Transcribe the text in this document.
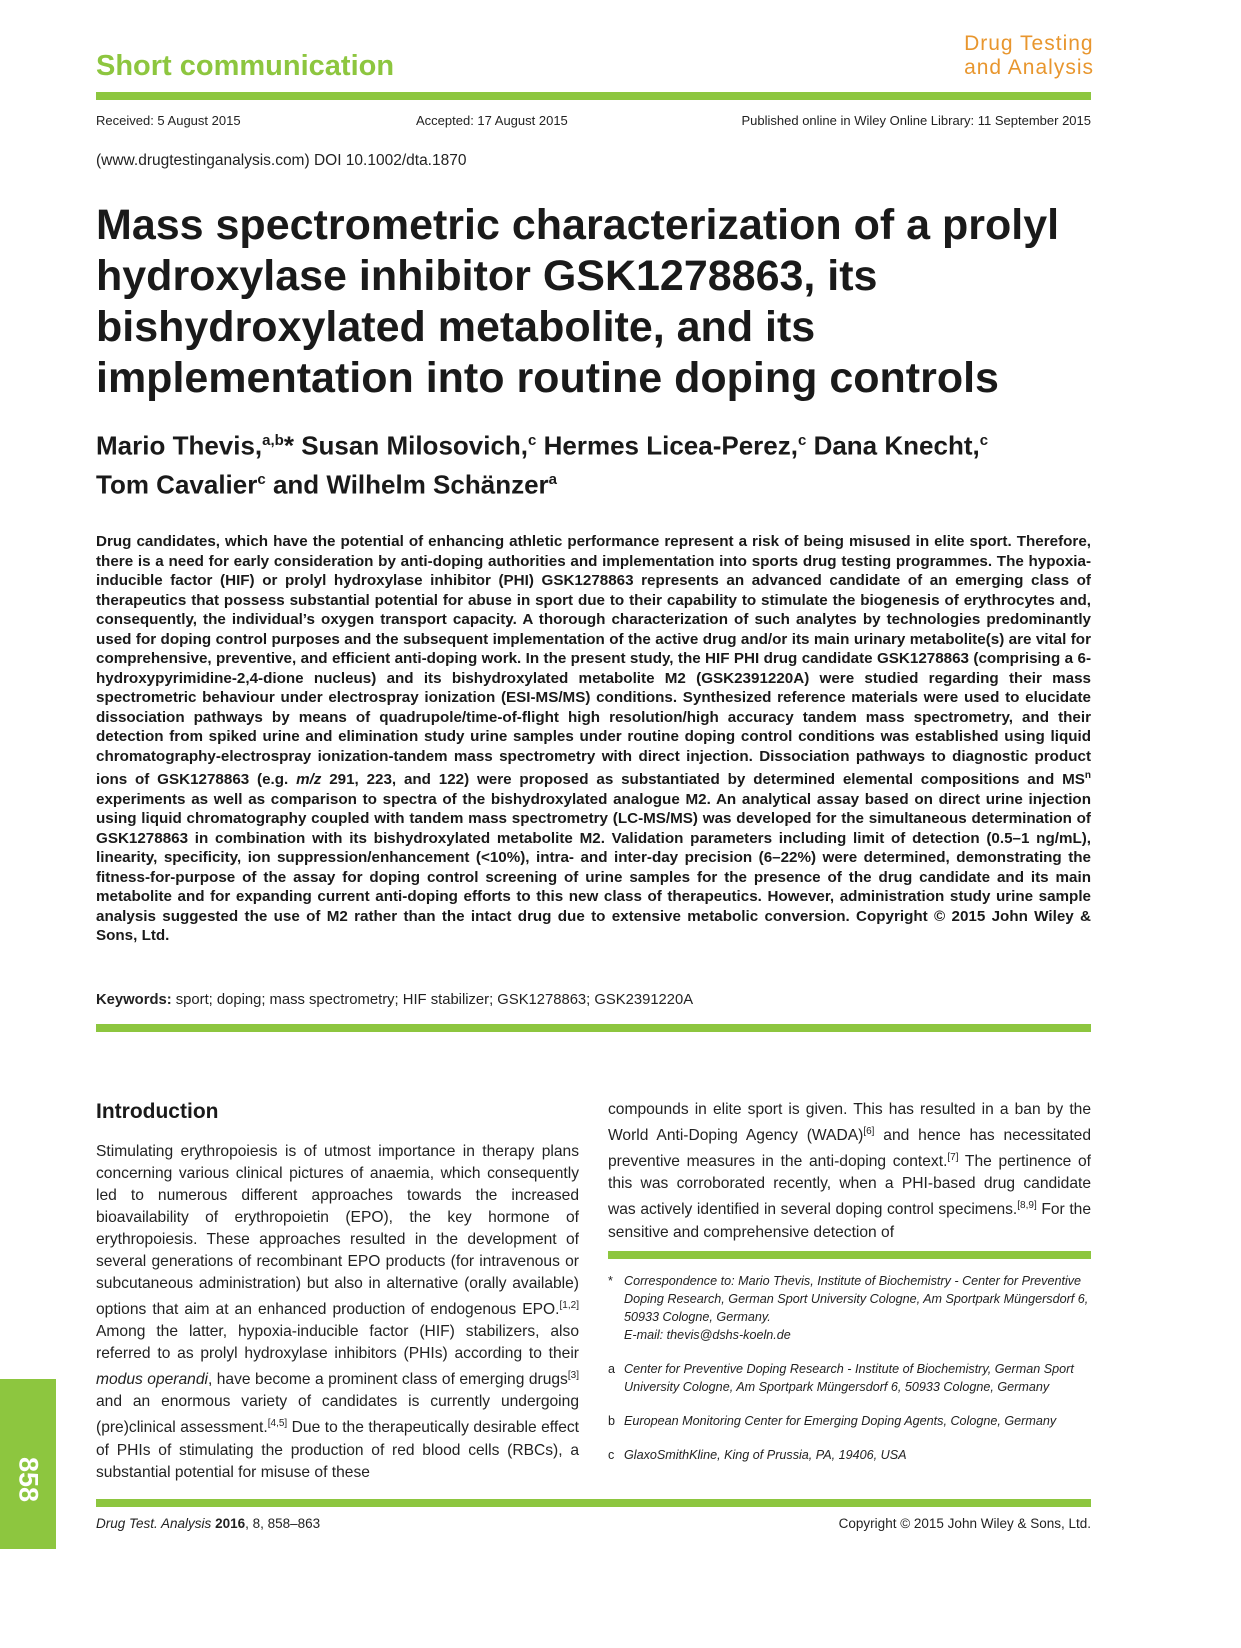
Short communication
Drug Testing
and Analysis
Received: 5 August 2015	Accepted: 17 August 2015	Published online in Wiley Online Library: 11 September 2015
(www.drugtestinganalysis.com) DOI 10.1002/dta.1870
Mass spectrometric characterization of a prolyl hydroxylase inhibitor GSK1278863, its bishydroxylated metabolite, and its implementation into routine doping controls
Mario Thevis,$^{a,b}$* Susan Milosovich,$^c$ Hermes Licea-Perez,$^c$ Dana Knecht,$^c$
Tom Cavalier$^c$ and Wilhelm Schänzer$^a$
Drug candidates, which have the potential of enhancing athletic performance represent a risk of being misused in elite sport. Therefore, there is a need for early consideration by anti-doping authorities and implementation into sports drug testing programmes. The hypoxia-inducible factor (HIF) or prolyl hydroxylase inhibitor (PHI) GSK1278863 represents an advanced candidate of an emerging class of therapeutics that possess substantial potential for abuse in sport due to their capability to stimulate the biogenesis of erythrocytes and, consequently, the individual’s oxygen transport capacity. A thorough characterization of such analytes by technologies predominantly used for doping control purposes and the subsequent implementation of the active drug and/or its main urinary metabolite(s) are vital for comprehensive, preventive, and efficient anti-doping work. In the present study, the HIF PHI drug candidate GSK1278863 (comprising a 6-hydroxypyrimidine-2,4-dione nucleus) and its bishydroxylated metabolite M2 (GSK2391220A) were studied regarding their mass spectrometric behaviour under electrospray ionization (ESI-MS/MS) conditions. Synthesized reference materials were used to elucidate dissociation pathways by means of quadrupole/time-of-flight high resolution/high accuracy tandem mass spectrometry, and their detection from spiked urine and elimination study urine samples under routine doping control conditions was established using liquid chromatography-electrospray ionization-tandem mass spectrometry with direct injection. Dissociation pathways to diagnostic product ions of GSK1278863 (e.g. m/z 291, 223, and 122) were proposed as substantiated by determined elemental compositions and $MS^n$ experiments as well as comparison to spectra of the bishydroxylated analogue M2. An analytical assay based on direct urine injection using liquid chromatography coupled with tandem mass spectrometry (LC-MS/MS) was developed for the simultaneous determination of GSK1278863 in combination with its bishydroxylated metabolite M2. Validation parameters including limit of detection (0.5–1 ng/mL), linearity, specificity, ion suppression/enhancement (<10%), intra- and inter-day precision (6–22%) were determined, demonstrating the fitness-for-purpose of the assay for doping control screening of urine samples for the presence of the drug candidate and its main metabolite and for expanding current anti-doping efforts to this new class of therapeutics. However, administration study urine sample analysis suggested the use of M2 rather than the intact drug due to extensive metabolic conversion. Copyright © 2015 John Wiley & Sons, Ltd.
Keywords: sport; doping; mass spectrometry; HIF stabilizer; GSK1278863; GSK2391220A
Introduction
Stimulating erythropoiesis is of utmost importance in therapy plans concerning various clinical pictures of anaemia, which consequently led to numerous different approaches towards the increased bioavailability of erythropoietin (EPO), the key hormone of erythropoiesis. These approaches resulted in the development of several generations of recombinant EPO products (for intravenous or subcutaneous administration) but also in alternative (orally available) options that aim at an enhanced production of endogenous EPO.[1,2] Among the latter, hypoxia-inducible factor (HIF) stabilizers, also referred to as prolyl hydroxylase inhibitors (PHIs) according to their modus operandi, have become a prominent class of emerging drugs[3] and an enormous variety of candidates is currently undergoing (pre)clinical assessment.[4,5] Due to the therapeutically desirable effect of PHIs of stimulating the production of red blood cells (RBCs), a substantial potential for misuse of these
compounds in elite sport is given. This has resulted in a ban by the World Anti-Doping Agency (WADA)[6] and hence has necessitated preventive measures in the anti-doping context.[7] The pertinence of this was corroborated recently, when a PHI-based drug candidate was actively identified in several doping control specimens.[8,9] For the sensitive and comprehensive detection of
* Correspondence to: Mario Thevis, Institute of Biochemistry - Center for Preventive Doping Research, German Sport University Cologne, Am Sportpark Müngersdorf 6, 50933 Cologne, Germany.
E-mail: thevis@dshs-koeln.de
a Center for Preventive Doping Research - Institute of Biochemistry, German Sport University Cologne, Am Sportpark Müngersdorf 6, 50933 Cologne, Germany
b European Monitoring Center for Emerging Doping Agents, Cologne, Germany
c GlaxoSmithKline, King of Prussia, PA, 19406, USA
858
Drug Test. Analysis 2016, 8, 858–863	Copyright © 2015 John Wiley & Sons, Ltd.
